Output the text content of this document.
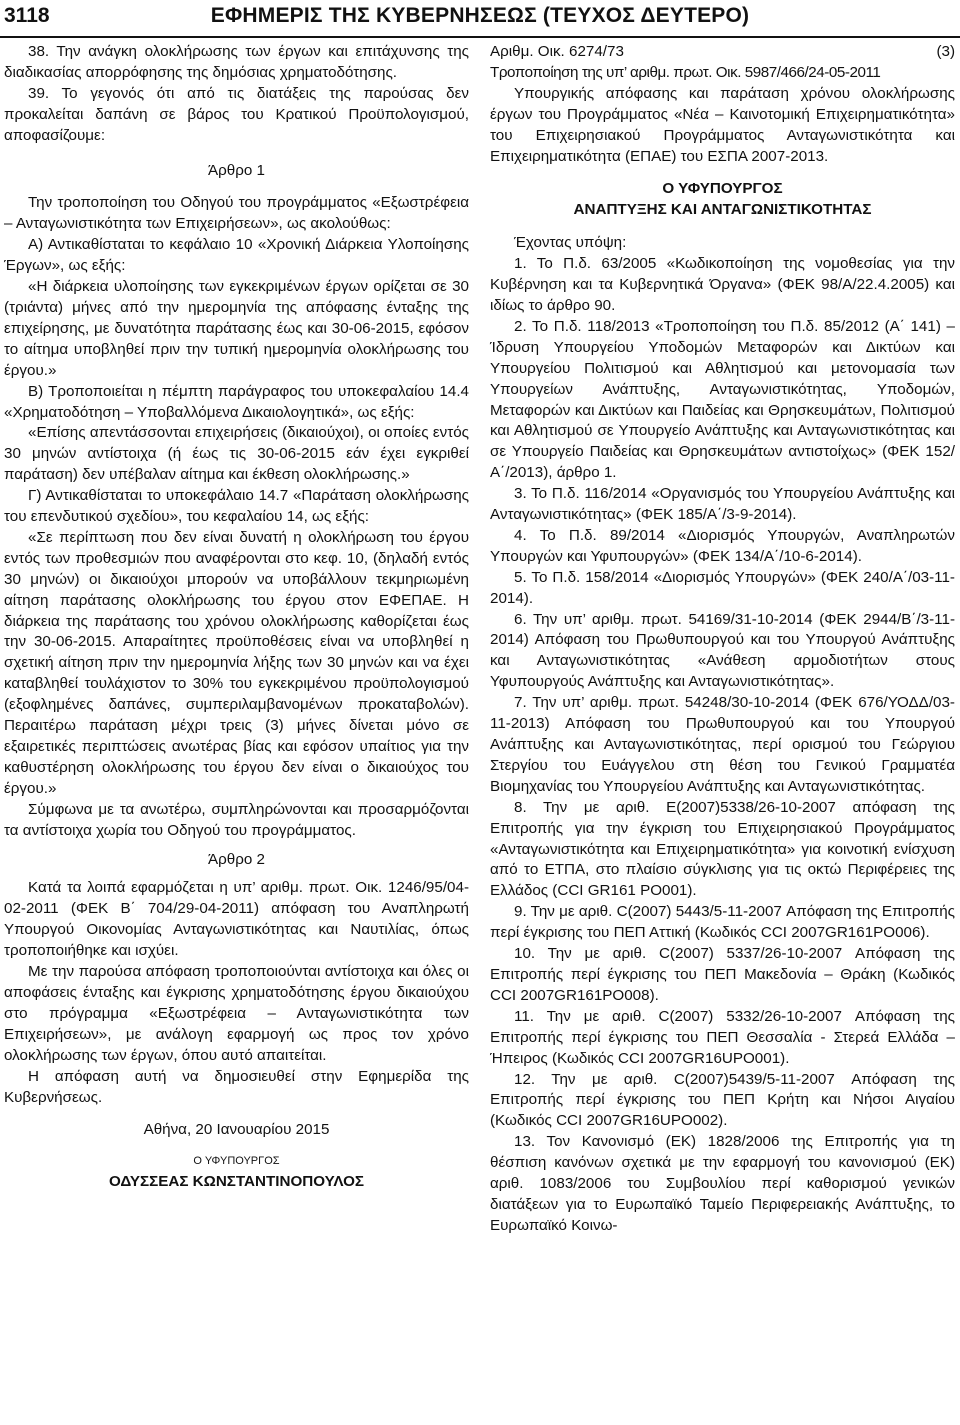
3118	ΕΦΗΜΕΡΙΣ ΤΗΣ ΚΥΒΕΡΝΗΣΕΩΣ (ΤΕΥΧΟΣ ΔΕΥΤΕΡΟ)

38. Την ανάγκη ολοκλήρωσης των έργων και επιτάχυνσης της διαδικασίας απορρόφησης της δημόσιας χρηματοδότησης.

39. Το γεγονός ότι από τις διατάξεις της παρούσας δεν προκαλείται δαπάνη σε βάρος του Κρατικού Προϋπολογισμού, αποφασίζουμε:

Άρθρο 1

Την τροποποίηση του Οδηγού του προγράμματος «Εξωστρέφεια – Ανταγωνιστικότητα των Επιχειρήσεων», ως ακολούθως:

Α) Αντικαθίσταται το κεφάλαιο 10 «Χρονική Διάρκεια Υλοποίησης Έργων», ως εξής:

«Η διάρκεια υλοποίησης των εγκεκριμένων έργων ορίζεται σε 30 (τριάντα) μήνες από την ημερομηνία της απόφασης ένταξης της επιχείρησης, με δυνατότητα παράτασης έως και 30-06-2015, εφόσον το αίτημα υποβληθεί πριν την τυπική ημερομηνία ολοκλήρωσης του έργου.»

Β) Τροποποιείται η πέμπτη παράγραφος του υποκεφαλαίου 14.4 «Χρηματοδότηση – Υποβαλλόμενα Δικαιολογητικά», ως εξής:

«Επίσης απεντάσσονται επιχειρήσεις (δικαιούχοι), οι οποίες εντός 30 μηνών αντίστοιχα (ή έως τις 30-06-2015 εάν έχει εγκριθεί παράταση) δεν υπέβαλαν αίτημα και έκθεση ολοκλήρωσης.»

Γ) Αντικαθίσταται το υποκεφάλαιο 14.7 «Παράταση ολοκλήρωσης του επενδυτικού σχεδίου», του κεφαλαίου 14, ως εξής:

«Σε περίπτωση που δεν είναι δυνατή η ολοκλήρωση του έργου εντός των προθεσμιών που αναφέρονται στο κεφ. 10, (δηλαδή εντός 30 μηνών) οι δικαιούχοι μπορούν να υποβάλλουν τεκμηριωμένη αίτηση παράτασης ολοκλήρωσης του έργου στον ΕΦΕΠΑΕ. Η διάρκεια της παράτασης του χρόνου ολοκλήρωσης καθορίζεται έως την 30-06-2015. Απαραίτητες προϋποθέσεις είναι να υποβληθεί η σχετική αίτηση πριν την ημερομηνία λήξης των 30 μηνών και να έχει καταβληθεί τουλάχιστον το 30% του εγκεκριμένου προϋπολογισμού (εξοφλημένες δαπάνες, συμπεριλαμβανομένων προκαταβολών). Περαιτέρω παράταση μέχρι τρεις (3) μήνες δίνεται μόνο σε εξαιρετικές περιπτώσεις ανωτέρας βίας και εφόσον υπαίτιος για την καθυστέρηση ολοκλήρωσης του έργου δεν είναι ο δικαιούχος του έργου.»

Σύμφωνα με τα ανωτέρω, συμπληρώνονται και προσαρμόζονται τα αντίστοιχα χωρία του Οδηγού του προγράμματος.

Άρθρο 2

Κατά τα λοιπά εφαρμόζεται η υπ’ αριθμ. πρωτ. Οικ. 1246/95/04-02-2011 (ΦΕΚ Β΄ 704/29-04-2011) απόφαση του Αναπληρωτή Υπουργού Οικονομίας Ανταγωνιστικότητας και Ναυτιλίας, όπως τροποποιήθηκε και ισχύει.

Με την παρούσα απόφαση τροποποιούνται αντίστοιχα και όλες οι αποφάσεις ένταξης και έγκρισης χρηματοδότησης έργου δικαιούχου στο πρόγραμμα «Εξωστρέφεια – Ανταγωνιστικότητα των Επιχειρήσεων», με ανάλογη εφαρμογή ως προς τον χρόνο ολοκλήρωσης των έργων, όπου αυτό απαιτείται.

Η απόφαση αυτή να δημοσιευθεί στην Εφημερίδα της Κυβερνήσεως.

Αθήνα, 20 Ιανουαρίου 2015

Ο ΥΦΥΠΟΥΡΓΟΣ

ΟΔΥΣΣΕΑΣ ΚΩΝΣΤΑΝΤΙΝΟΠΟΥΛΟΣ

Αριθμ. Οικ. 6274/73	(3)

Τροποποίηση της υπ’ αριθμ. πρωτ. Οικ. 5987/466/24-05-2011

Υπουργικής απόφασης και παράταση χρόνου ολοκλήρωσης έργων του Προγράμματος «Νέα – Καινοτομική Επιχειρηματικότητα» του Επιχειρησιακού Προγράμματος Ανταγωνιστικότητα και Επιχειρηματικότητα (ΕΠΑΕ) του ΕΣΠΑ 2007-2013.

Ο ΥΦΥΠΟΥΡΓΟΣ

ΑΝΑΠΤΥΞΗΣ ΚΑΙ ΑΝΤΑΓΩΝΙΣΤΙΚΟΤΗΤΑΣ

Έχοντας υπόψη:

1. Το Π.δ. 63/2005 «Κωδικοποίηση της νομοθεσίας για την Κυβέρνηση και τα Κυβερνητικά Όργανα» (ΦΕΚ 98/Α/22.4.2005) και ιδίως το άρθρο 90.

2. Το Π.δ. 118/2013 «Τροποποίηση του Π.δ. 85/2012 (Α΄ 141) – Ίδρυση Υπουργείου Υποδομών Μεταφορών και Δικτύων και Υπουργείου Πολιτισμού και Αθλητισμού και μετονομασία των Υπουργείων Ανάπτυξης, Ανταγωνιστικότητας, Υποδομών, Μεταφορών και Δικτύων και Παιδείας και Θρησκευμάτων, Πολιτισμού και Αθλητισμού σε Υπουργείο Ανάπτυξης και Ανταγωνιστικότητας και σε Υπουργείο Παιδείας και Θρησκευμάτων αντιστοίχως» (ΦΕΚ 152/Α΄/2013), άρθρο 1.

3. Το Π.δ. 116/2014 «Οργανισμός του Υπουργείου Ανάπτυξης και Ανταγωνιστικότητας» (ΦΕΚ 185/Α΄/3-9-2014).

4. Το Π.δ. 89/2014 «Διορισμός Υπουργών, Αναπληρωτών Υπουργών και Υφυπουργών» (ΦΕΚ 134/Α΄/10-6-2014).

5. Το Π.δ. 158/2014 «Διορισμός Υπουργών» (ΦΕΚ 240/Α΄/03-11-2014).

6. Την υπ’ αριθμ. πρωτ. 54169/31-10-2014 (ΦΕΚ 2944/Β΄/3-11-2014) Απόφαση του Πρωθυπουργού και του Υπουργού Ανάπτυξης και Ανταγωνιστικότητας «Ανάθεση αρμοδιοτήτων στους Υφυπουργούς Ανάπτυξης και Ανταγωνιστικότητας».

7. Την υπ’ αριθμ. πρωτ. 54248/30-10-2014 (ΦΕΚ 676/ΥΟΔΔ/03-11-2013) Απόφαση του Πρωθυπουργού και του Υπουργού Ανάπτυξης και Ανταγωνιστικότητας, περί ορισμού του Γεώργιου Στεργίου του Ευάγγελου στη θέση του Γενικού Γραμματέα Βιομηχανίας του Υπουργείου Ανάπτυξης και Ανταγωνιστικότητας.

8. Την με αριθ. Ε(2007)5338/26-10-2007 απόφαση της Επιτροπής για την έγκριση του Επιχειρησιακού Προγράμματος «Ανταγωνιστικότητα και Επιχειρηματικότητα» για κοινοτική ενίσχυση από το ΕΤΠΑ, στο πλαίσιο σύγκλισης για τις οκτώ Περιφέρειες της Ελλάδος (CCI GR161 PO001).

9. Την με αριθ. C(2007) 5443/5-11-2007 Απόφαση της Επιτροπής περί έγκρισης του ΠΕΠ Αττική (Κωδικός CCI 2007GR161PO006).

10. Την με αριθ. C(2007) 5337/26-10-2007 Απόφαση της Επιτροπής περί έγκρισης του ΠΕΠ Μακεδονία – Θράκη (Κωδικός CCI 2007GR161PO008).

11. Την με αριθ. C(2007) 5332/26-10-2007 Απόφαση της Επιτροπής περί έγκρισης του ΠΕΠ Θεσσαλία - Στερεά Ελλάδα – Ήπειρος (Κωδικός CCI 2007GR16UPO001).

12. Την με αριθ. C(2007)5439/5-11-2007 Απόφαση της Επιτροπής περί έγκρισης του ΠΕΠ Κρήτη και Νήσοι Αιγαίου (Κωδικός CCI 2007GR16UPO002).

13. Τον Κανονισμό (ΕΚ) 1828/2006 της Επιτροπής για τη θέσπιση κανόνων σχετικά με την εφαρμογή του κανονισμού (ΕΚ) αριθ. 1083/2006 του Συμβουλίου περί καθορισμού γενικών διατάξεων για το Ευρωπαϊκό Ταμείο Περιφερειακής Ανάπτυξης, το Ευρωπαϊκό Κοινω-
